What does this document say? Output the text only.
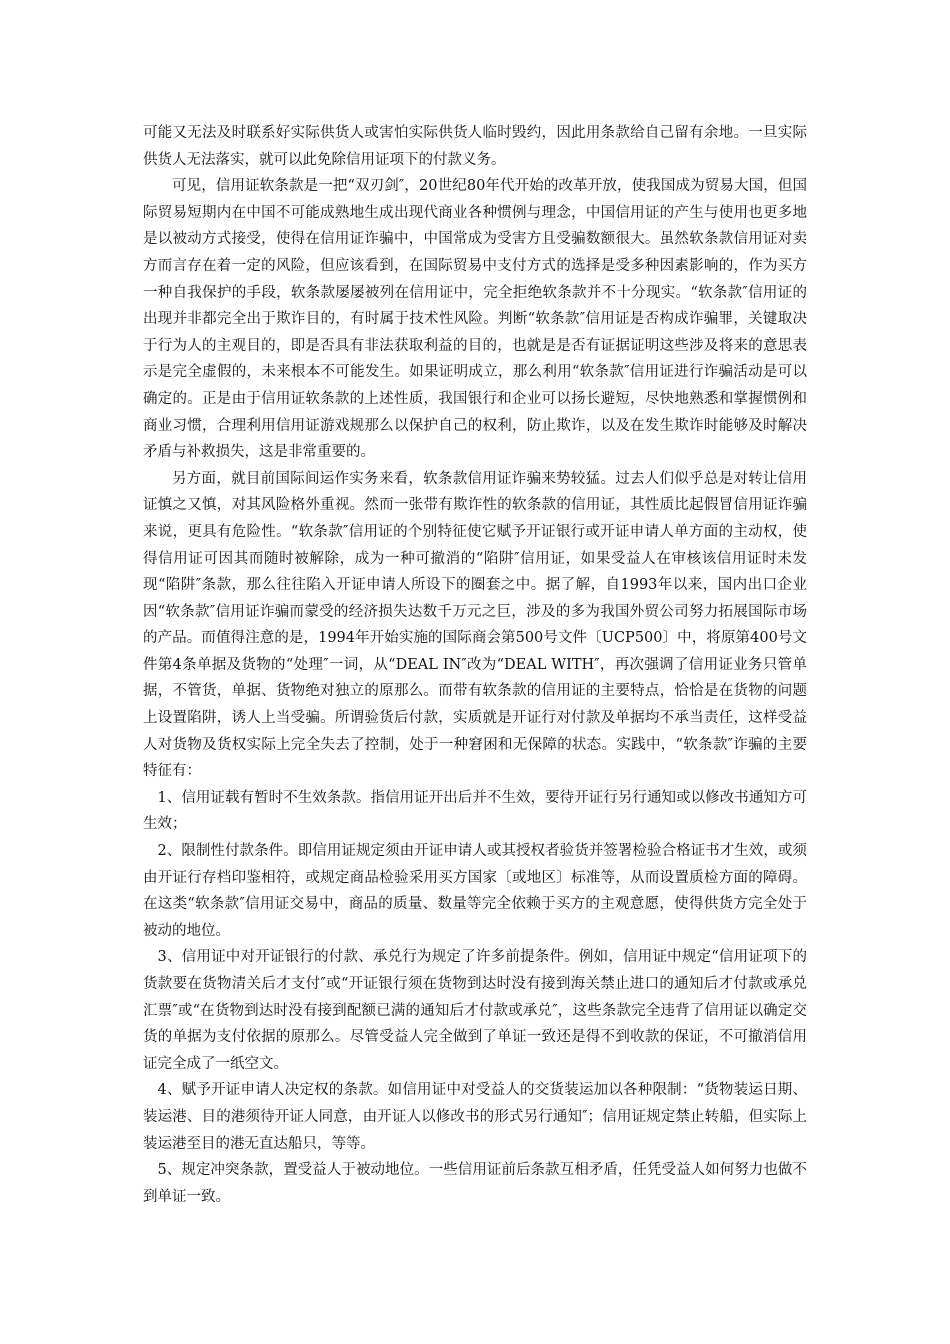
可能又无法及时联系好实际供货人或害怕实际供货人临时毁约，因此用条款给自己留有余地。一旦实际供货人无法落实，就可以此免除信用证项下的付款义务。

可见，信用证软条款是一把“双刃剑″，20世纪80年代开始的改革开放，使我国成为贸易大国，但国际贸易短期内在中国不可能成熟地生成出现代商业各种惯例与理念，中国信用证的产生与使用也更多地是以被动方式接受，使得在信用证诈骗中，中国常成为受害方且受骗数额很大。虽然软条款信用证对卖方而言存在着一定的风险，但应该看到，在国际贸易中支付方式的选择是受多种因素影响的，作为买方一种自我保护的手段，软条款屡屡被列在信用证中，完全拒绝软条款并不十分现实。“软条款″信用证的出现并非都完全出于欺诈目的，有时属于技术性风险。判断“软条款″信用证是否构成诈骗罪，关键取决于行为人的主观目的，即是否具有非法获取利益的目的，也就是是否有证据证明这些涉及将来的意思表示是完全虚假的，未来根本不可能发生。如果证明成立，那么利用“软条款″信用证进行诈骗活动是可以确定的。正是由于信用证软条款的上述性质，我国银行和企业可以扬长避短，尽快地熟悉和掌握惯例和商业习惯，合理利用信用证游戏规那么以保护自己的权利，防止欺诈，以及在发生欺诈时能够及时解决矛盾与补救损失，这是非常重要的。

另方面，就目前国际间运作实务来看，软条款信用证诈骗来势较猛。过去人们似乎总是对转让信用证慎之又慎，对其风险格外重视。然而一张带有欺诈性的软条款的信用证，其性质比起假冒信用证诈骗来说，更具有危险性。“软条款″信用证的个别特征使它赋予开证银行或开证申请人单方面的主动权，使得信用证可因其而随时被解除，成为一种可撤消的“陷阱″信用证，如果受益人在审核该信用证时未发现“陷阱″条款，那么往往陷入开证申请人所设下的圈套之中。据了解，自1993年以来，国内出口企业因“软条款″信用证诈骗而蒙受的经济损失达数千万元之巨，涉及的多为我国外贸公司努力拓展国际市场的产品。而值得注意的是，1994年开始实施的国际商会第500号文件〔UCP500〕中，将原第400号文件第4条单据及货物的“处理″一词，从“DEAL IN″改为“DEAL WITH″，再次强调了信用证业务只管单据，不管货，单据、货物绝对独立的原那么。而带有软条款的信用证的主要特点，恰恰是在货物的问题上设置陷阱，诱人上当受骗。所谓验货后付款，实质就是开证行对付款及单据均不承当责任，这样受益人对货物及货权实际上完全失去了控制，处于一种窘困和无保障的状态。实践中，“软条款″诈骗的主要特征有：

1、信用证载有暂时不生效条款。指信用证开出后并不生效，要待开证行另行通知或以修改书通知方可生效；

2、限制性付款条件。即信用证规定须由开证申请人或其授权者验货并签署检验合格证书才生效，或须由开证行存档印鉴相符，或规定商品检验采用买方国家〔或地区〕标准等，从而设置质检方面的障碍。在这类“软条款″信用证交易中，商品的质量、数量等完全依赖于买方的主观意愿，使得供货方完全处于被动的地位。

3、信用证中对开证银行的付款、承兑行为规定了许多前提条件。例如，信用证中规定“信用证项下的货款要在货物清关后才支付″或“开证银行须在货物到达时没有接到海关禁止进口的通知后才付款或承兑汇票″或“在货物到达时没有接到配额已满的通知后才付款或承兑″，这些条款完全违背了信用证以确定交货的单据为支付依据的原那么。尽管受益人完全做到了单证一致还是得不到收款的保证，不可撤消信用证完全成了一纸空文。

4、赋予开证申请人决定权的条款。如信用证中对受益人的交货装运加以各种限制：“货物装运日期、装运港、目的港须待开证人同意，由开证人以修改书的形式另行通知″；信用证规定禁止转船，但实际上装运港至目的港无直达船只，等等。

5、规定冲突条款，置受益人于被动地位。一些信用证前后条款互相矛盾，任凭受益人如何努力也做不到单证一致。
